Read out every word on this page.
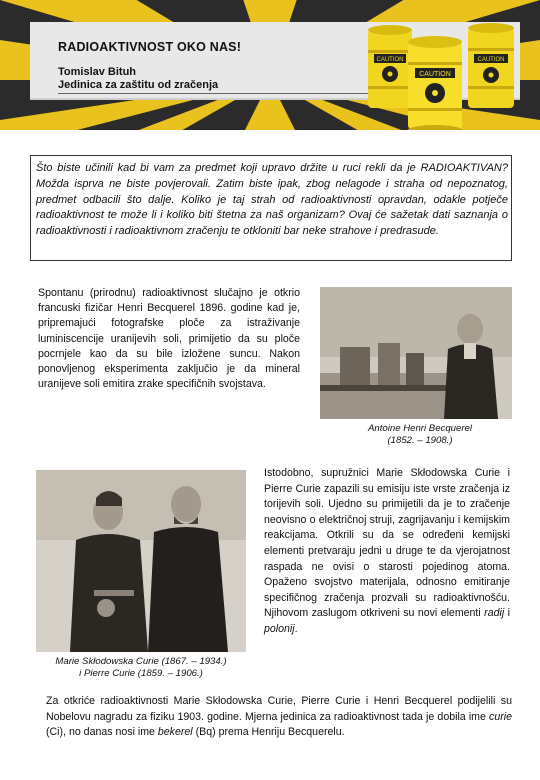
RADIOAKTIVNOST OKO NAS!
Tomislav Bituh
Jedinica za zaštitu od zračenja
CAUTION	CAUTION
CAUTION
Što biste učinili kad bi vam za predmet koji upravo držite u ruci rekli da je RADIOAKTIVAN? Možda isprva ne biste povjerovali. Zatim biste ipak, zbog nelagode i straha od nepoznatog, predmet odbacili što dalje. Koliko je taj strah od radioaktivnosti opravdan, odakle potječe radioaktivnost te može li i koliko biti štetna za naš organizam? Ovaj će sažetak dati saznanja o radioaktivnosti i radioaktivnom zračenju te otkloniti bar neke strahove i predrasude.
Spontanu (prirodnu) radioaktivnost slučajno je otkrio francuski fizičar Henri Becquerel 1896. godine kad je, pripremajući fotografske ploče za istraživanje luminiscencije uranijevih soli, primijetio da su ploče pocrnjele kao da su bile izložene suncu. Nakon ponovljenog eksperimenta zaključio je da mineral uranijeve soli emitira zrake specifičnih svojstava.
Antoine Henri Becquerel
(1852. – 1908.)
Marie Skłodowska Curie (1867. – 1934.)
i Pierre Curie (1859. – 1906.)
Istodobno, supružnici Marie Skłodowska Curie i Pierre Curie zapazili su emisiju iste vrste zračenja iz torijevih soli. Ujedno su primijetili da je to zračenje neovisno o električnoj struji, zagrijavanju i kemijskim reakcijama. Otkrili su da se određeni kemijski elementi pretvaraju jedni u druge te da vjerojatnost raspada ne ovisi o starosti pojedinog atoma. Opaženo svojstvo materijala, odnosno emitiranje specifičnog zračenja prozvali su radioaktivnošću. Njihovom zaslugom otkriveni su novi elementi radij i polonij.
Za otkriće radioaktivnosti Marie Skłodowska Curie, Pierre Curie i Henri Becquerel podijelili su Nobelovu nagradu za fiziku 1903. godine. Mjerna jedinica za radioaktivnost tada je dobila ime curie (Ci), no danas nosi ime bekerel (Bq) prema Henriju Becquerelu.
